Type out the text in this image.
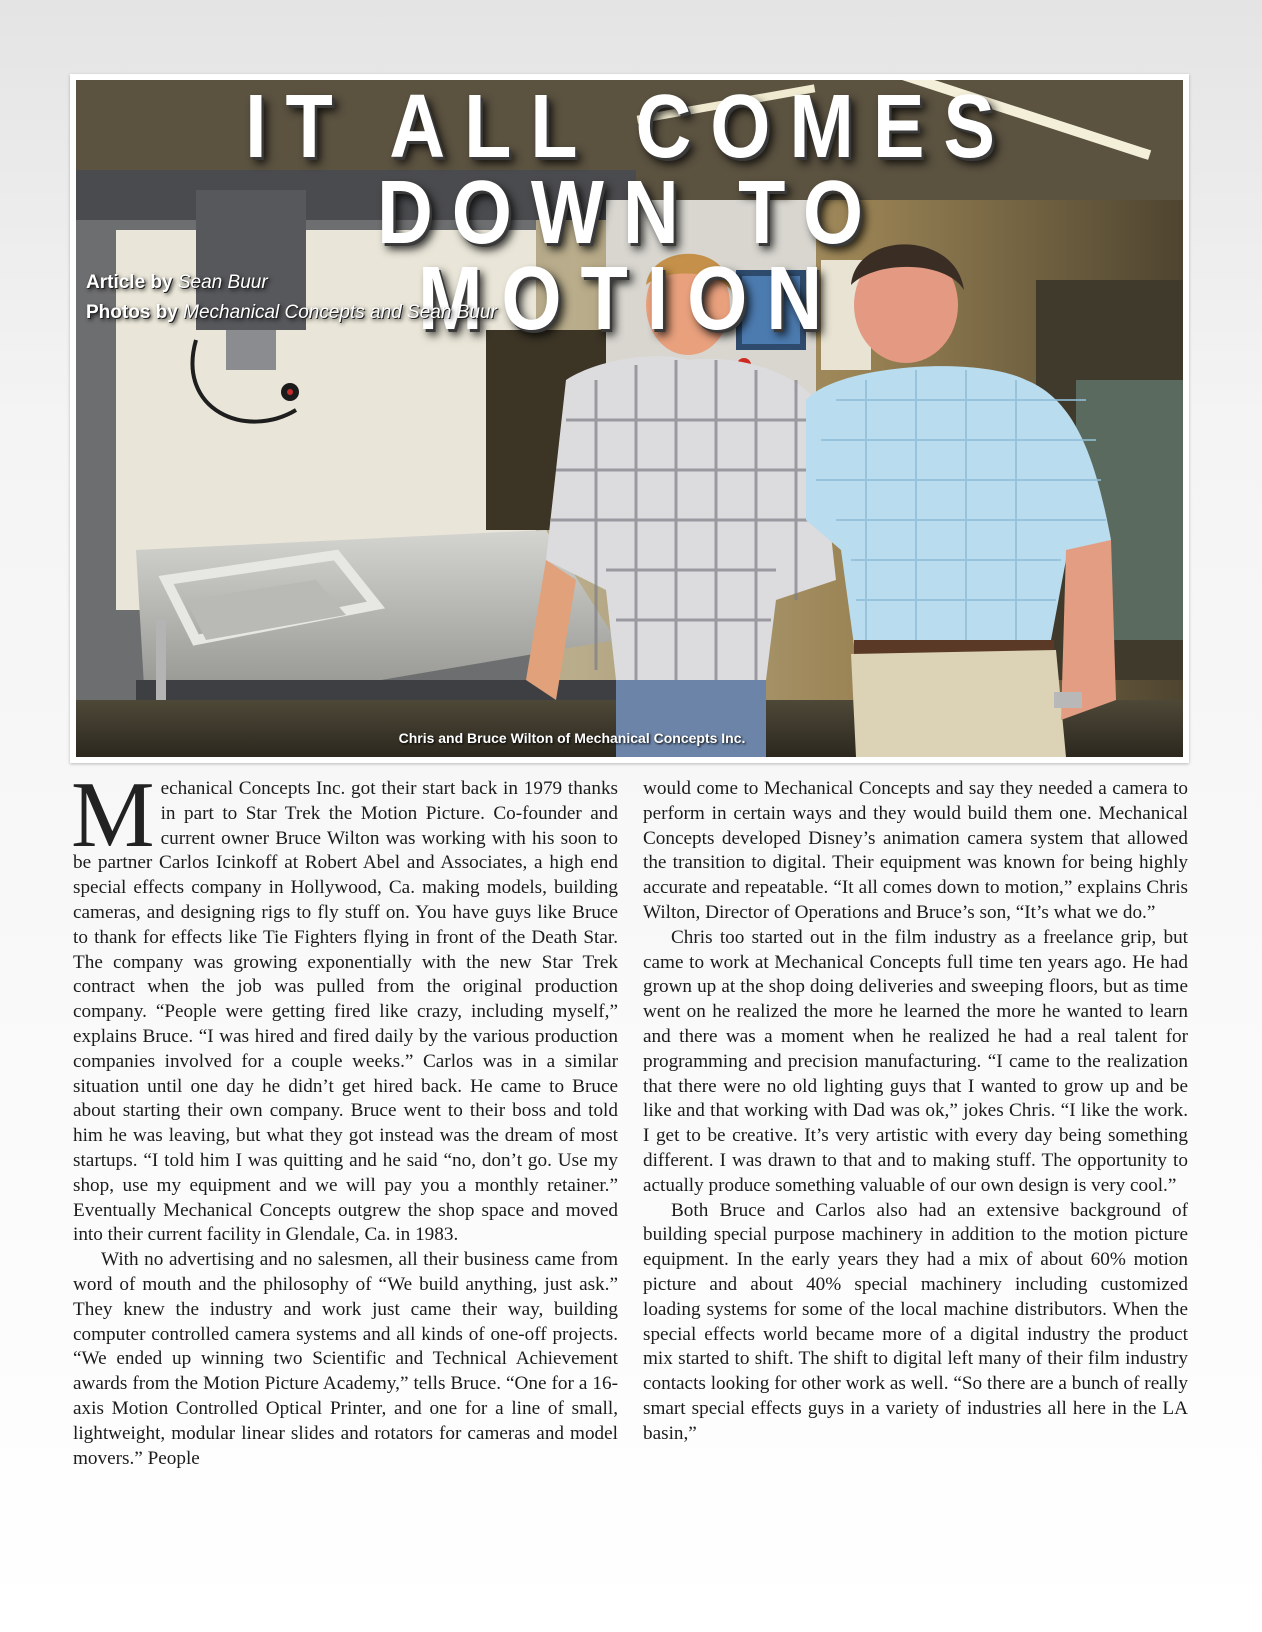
IT ALL COMES DOWN TO MOTION
Article by Sean Buur
Photos by Mechanical Concepts and Sean Buur
Chris and Bruce Wilton of Mechanical Concepts Inc.

Mechanical Concepts Inc. got their start back in 1979 thanks in part to Star Trek the Motion Picture. Co-founder and current owner Bruce Wilton was working with his soon to be partner Carlos Icinkoff at Robert Abel and Associates, a high end special effects company in Hollywood, Ca. making models, building cameras, and designing rigs to fly stuff on. You have guys like Bruce to thank for effects like Tie Fighters flying in front of the Death Star. The company was growing exponentially with the new Star Trek contract when the job was pulled from the original production company. “People were getting fired like crazy, including myself,” explains Bruce. “I was hired and fired daily by the various production companies involved for a couple weeks.” Carlos was in a similar situation until one day he didn’t get hired back. He came to Bruce about starting their own company. Bruce went to their boss and told him he was leaving, but what they got instead was the dream of most startups. “I told him I was quitting and he said “no, don’t go. Use my shop, use my equipment and we will pay you a monthly retainer.” Eventually Mechanical Concepts outgrew the shop space and moved into their current facility in Glendale, Ca. in 1983.

With no advertising and no salesmen, all their business came from word of mouth and the philosophy of “We build anything, just ask.” They knew the industry and work just came their way, building computer controlled camera systems and all kinds of one-off projects. “We ended up winning two Scientific and Technical Achievement awards from the Motion Picture Academy,” tells Bruce. “One for a 16-axis Motion Controlled Optical Printer, and one for a line of small, lightweight, modular linear slides and rotators for cameras and model movers.” People

would come to Mechanical Concepts and say they needed a camera to perform in certain ways and they would build them one. Mechanical Concepts developed Disney’s animation camera system that allowed the transition to digital. Their equipment was known for being highly accurate and repeatable. “It all comes down to motion,” explains Chris Wilton, Director of Operations and Bruce’s son, “It’s what we do.”

Chris too started out in the film industry as a freelance grip, but came to work at Mechanical Concepts full time ten years ago. He had grown up at the shop doing deliveries and sweeping floors, but as time went on he realized the more he learned the more he wanted to learn and there was a moment when he realized he had a real talent for programming and precision manufacturing. “I came to the realization that there were no old lighting guys that I wanted to grow up and be like and that working with Dad was ok,” jokes Chris. “I like the work. I get to be creative. It’s very artistic with every day being something different. I was drawn to that and to making stuff. The opportunity to actually produce something valuable of our own design is very cool.”

Both Bruce and Carlos also had an extensive background of building special purpose machinery in addition to the motion picture equipment. In the early years they had a mix of about 60% motion picture and about 40% special machinery including customized loading systems for some of the local machine distributors. When the special effects world became more of a digital industry the product mix started to shift. The shift to digital left many of their film industry contacts looking for other work as well. “So there are a bunch of really smart special effects guys in a variety of industries all here in the LA basin,”
